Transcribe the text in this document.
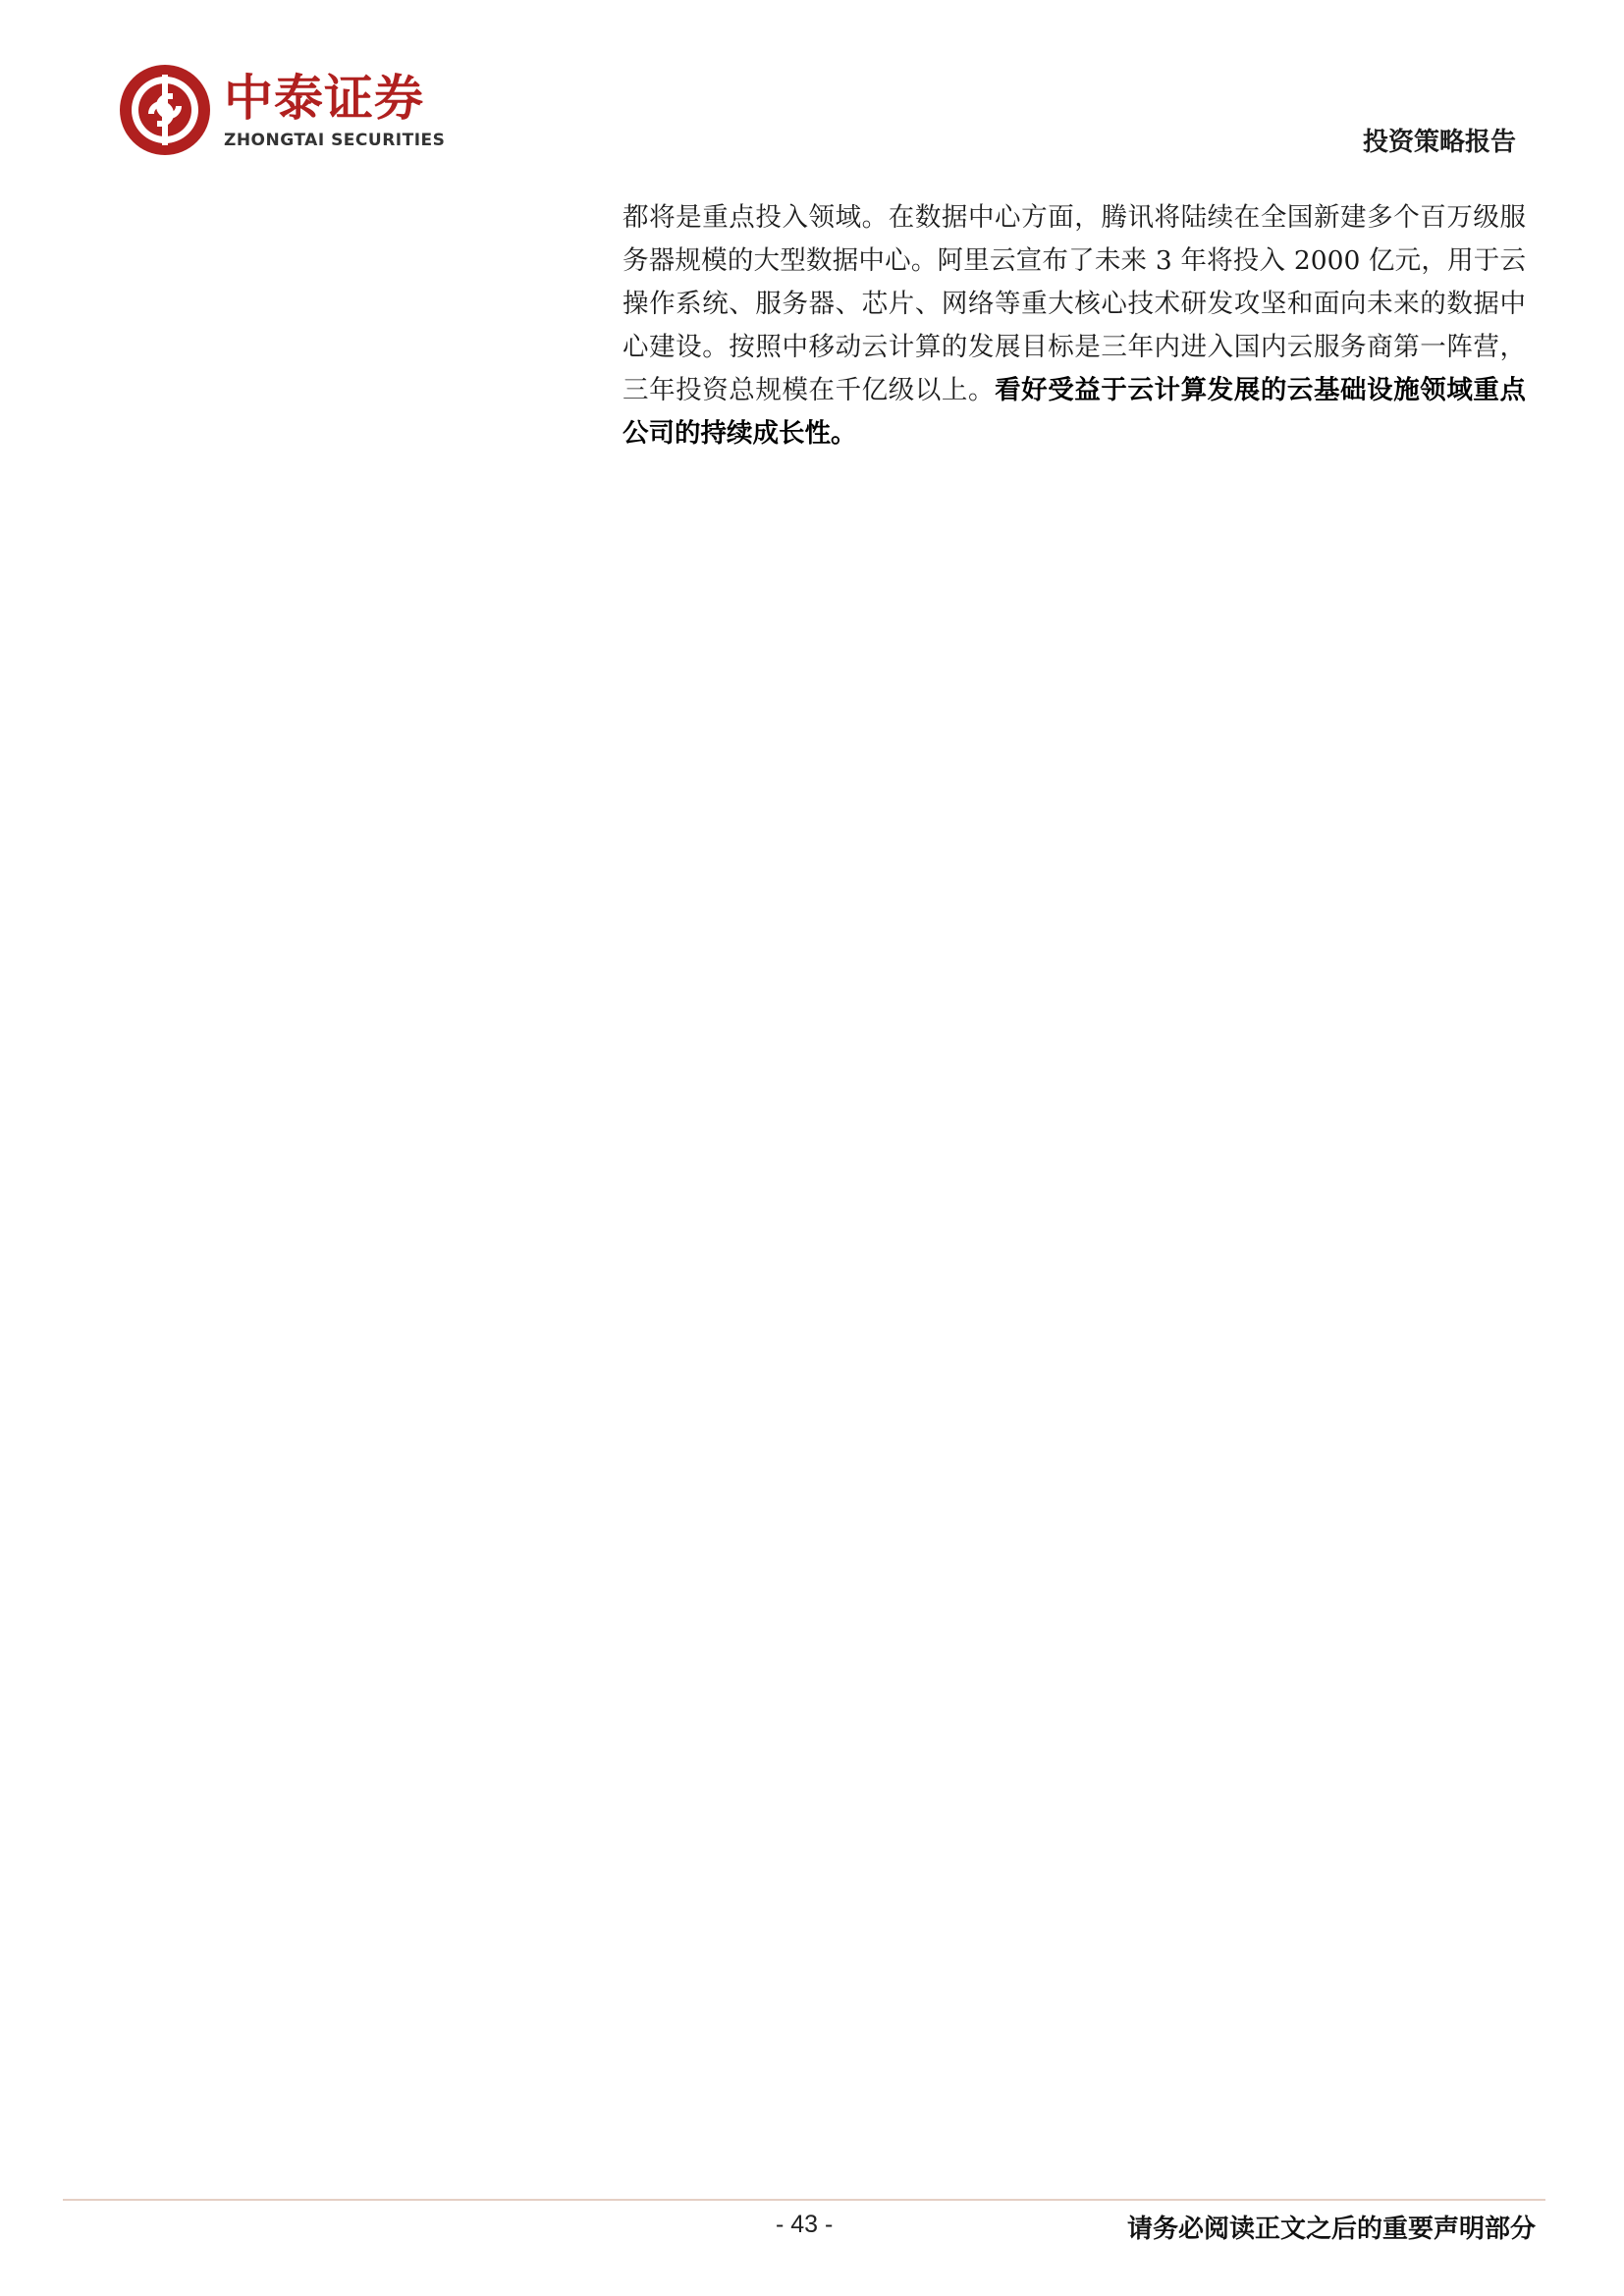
中泰证券
ZHONGTAI SECURITIES	投资策略报告
都将是重点投入领域。在数据中心方面，腾讯将陆续在全国新建多个百万级服务器规模的大型数据中心。阿里云宣布了未来 3 年将投入 2000 亿元，用于云操作系统、服务器、芯片、网络等重大核心技术研发攻坚和面向未来的数据中心建设。按照中移动云计算的发展目标是三年内进入国内云服务商第一阵营，三年投资总规模在千亿级以上。看好受益于云计算发展的云基础设施领域重点公司的持续成长性。
- 43 -	请务必阅读正文之后的重要声明部分
